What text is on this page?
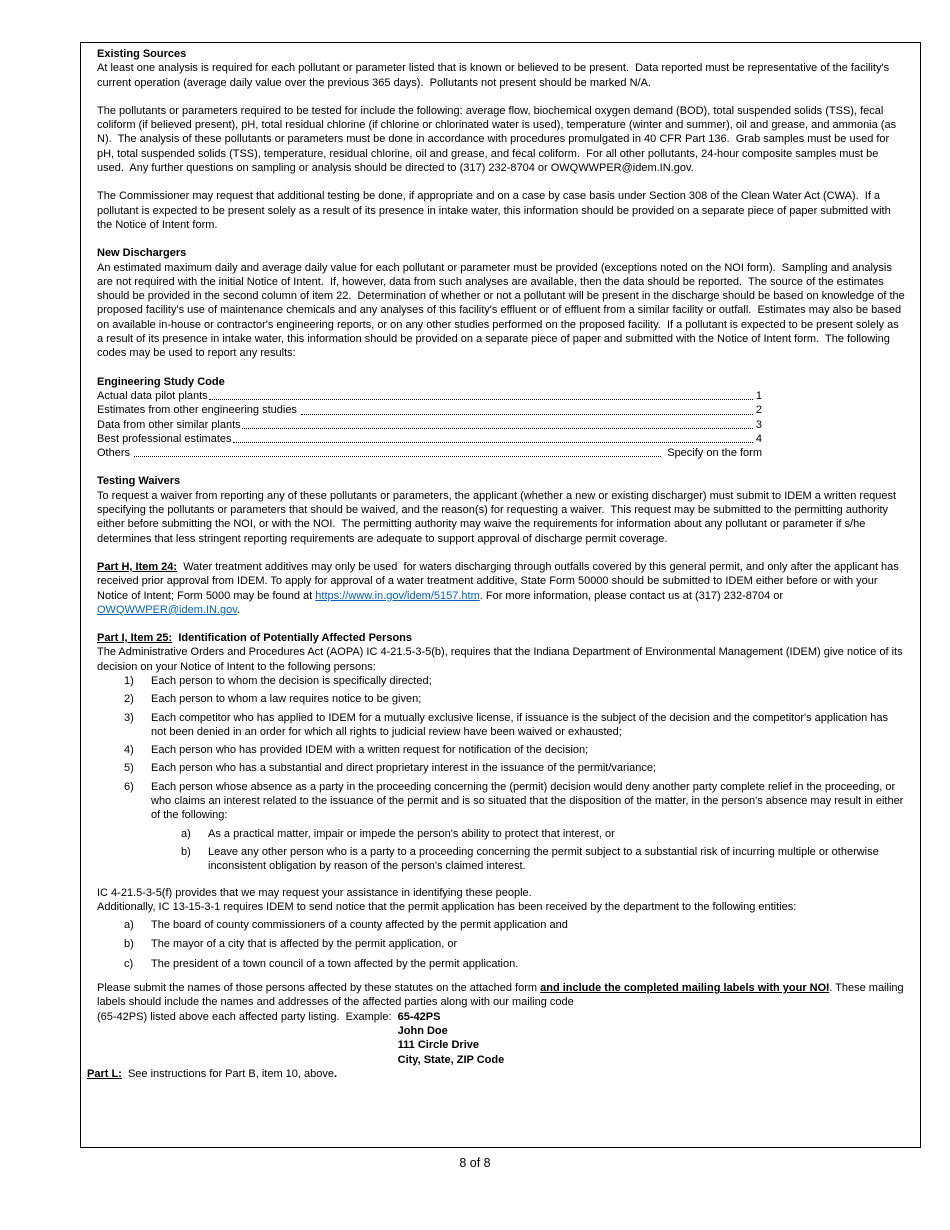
Existing Sources

At least one analysis is required for each pollutant or parameter listed that is known or believed to be present.  Data reported must be representative of the facility's current operation (average daily value over the previous 365 days).  Pollutants not present should be marked N/A.

The pollutants or parameters required to be tested for include the following: average flow, biochemical oxygen demand (BOD), total suspended solids (TSS), fecal coliform (if believed present), pH, total residual chlorine (if chlorine or chlorinated water is used), temperature (winter and summer), oil and grease, and ammonia (as N).  The analysis of these pollutants or parameters must be done in accordance with procedures promulgated in 40 CFR Part 136.  Grab samples must be used for pH, total suspended solids (TSS), temperature, residual chlorine, oil and grease, and fecal coliform.  For all other pollutants, 24-hour composite samples must be used.  Any further questions on sampling or analysis should be directed to (317) 232-8704 or OWQWWPER@idem.IN.gov.

The Commissioner may request that additional testing be done, if appropriate and on a case by case basis under Section 308 of the Clean Water Act (CWA).  If a pollutant is expected to be present solely as a result of its presence in intake water, this information should be provided on a separate piece of paper submitted with the Notice of Intent form.

New Dischargers

An estimated maximum daily and average daily value for each pollutant or parameter must be provided (exceptions noted on the NOI form).  Sampling and analysis are not required with the initial Notice of Intent.  If, however, data from such analyses are available, then the data should be reported.  The source of the estimates should be provided in the second column of item 22.  Determination of whether or not a pollutant will be present in the discharge should be based on knowledge of the proposed facility's use of maintenance chemicals and any analyses of this facility's effluent or of effluent from a similar facility or outfall.  Estimates may also be based on available in-house or contractor's engineering reports, or on any other studies performed on the proposed facility.  If a pollutant is expected to be present solely as a result of its presence in intake water, this information should be provided on a separate piece of paper and submitted with the Notice of Intent form.  The following codes may be used to report any results:

Engineering Study Code
Actual data pilot plants	1
Estimates from other engineering studies	2
Data from other similar plants	3
Best professional estimates	4
Others	Specify on the form
Testing Waivers

To request a waiver from reporting any of these pollutants or parameters, the applicant (whether a new or existing discharger) must submit to IDEM a written request specifying the pollutants or parameters that should be waived, and the reason(s) for requesting a waiver.  This request may be submitted to the permitting authority either before submitting the NOI, or with the NOI.  The permitting authority may waive the requirements for information about any pollutant or parameter if s/he determines that less stringent reporting requirements are adequate to support approval of discharge permit coverage.

Part H, Item 24:  Water treatment additives may only be used  for waters discharging through outfalls covered by this general permit, and only after the applicant has received prior approval from IDEM. To apply for approval of a water treatment additive, State Form 50000 should be submitted to IDEM either before or with your Notice of Intent; Form 5000 may be found at https://www.in.gov/idem/5157.htm. For more information, please contact us at (317) 232-8704 or OWQWWPER@idem.IN.gov.

Part I, Item 25:  Identification of Potentially Affected Persons

The Administrative Orders and Procedures Act (AOPA) IC 4-21.5-3-5(b), requires that the Indiana Department of Environmental Management (IDEM) give notice of its decision on your Notice of Intent to the following persons:

1)	Each person to whom the decision is specifically directed;
2)	Each person to whom a law requires notice to be given;
3)	Each competitor who has applied to IDEM for a mutually exclusive license, if issuance is the subject of the decision and the competitor's application has not been denied in an order for which all rights to judicial review have been waived or exhausted;
4)	Each person who has provided IDEM with a written request for notification of the decision;
5)	Each person who has a substantial and direct proprietary interest in the issuance of the permit/variance;
6)	Each person whose absence as a party in the proceeding concerning the (permit) decision would deny another party complete relief in the proceeding, or who claims an interest related to the issuance of the permit and is so situated that the disposition of the matter, in the person's absence may result in either of the following:
a)	As a practical matter, impair or impede the person's ability to protect that interest, or
b)	Leave any other person who is a party to a proceeding concerning the permit subject to a substantial risk of incurring multiple or otherwise inconsistent obligation by reason of the person's claimed interest.

IC 4-21.5-3-5(f) provides that we may request your assistance in identifying these people.

Additionally, IC 13-15-3-1 requires IDEM to send notice that the permit application has been received by the department to the following entities:

a)	The board of county commissioners of a county affected by the permit application and
b)	The mayor of a city that is affected by the permit application, or
c)	The president of a town council of a town affected by the permit application.

Please submit the names of those persons affected by these statutes on the attached form and include the completed mailing labels with your NOI. These mailing labels should include the names and addresses of the affected parties along with our mailing code

(65-42PS) listed above each affected party listing.  Example: 65-42PS
John Doe
111 Circle Drive
City, State, ZIP Code
Part L:  See instructions for Part B, item 10, above.
8 of 8
